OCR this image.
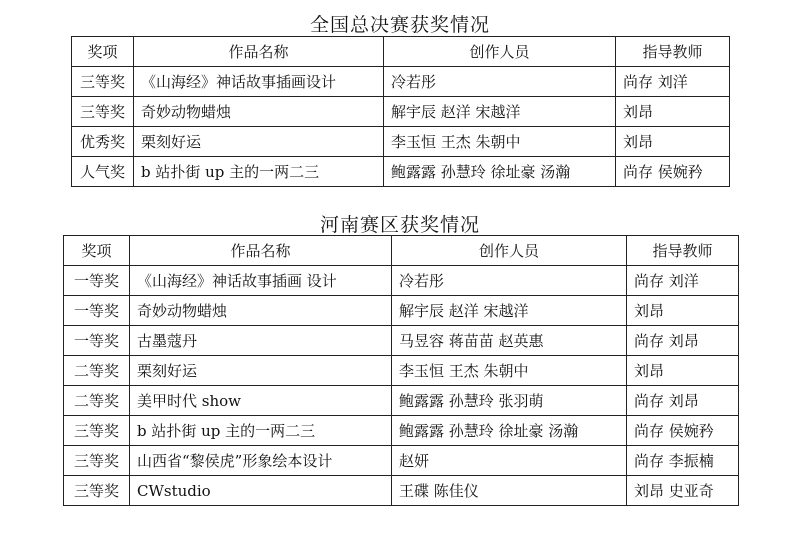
全国总决赛获奖情况
奖项	作品名称	创作人员	指导教师
三等奖	《山海经》神话故事插画设计	冷若彤	尚存 刘洋
三等奖	奇妙动物蜡烛	解宇辰 赵洋 宋越洋	刘昂
优秀奖	栗刻好运	李玉恒 王杰 朱朝中	刘昂
人气奖	b 站扑街 up 主的一两二三	鲍露露 孙慧玲 徐址豪 汤瀚	尚存 侯婉矜
河南赛区获奖情况
奖项	作品名称	创作人员	指导教师
一等奖	《山海经》神话故事插画 设计	冷若彤	尚存 刘洋
一等奖	奇妙动物蜡烛	解宇辰 赵洋 宋越洋	刘昂
一等奖	古墨蔻丹	马昱容 蒋苗苗 赵英惠	尚存 刘昂
二等奖	栗刻好运	李玉恒 王杰 朱朝中	刘昂
二等奖	美甲时代 show	鲍露露 孙慧玲 张羽萌	尚存 刘昂
三等奖	b 站扑街 up 主的一两二三	鲍露露 孙慧玲 徐址豪 汤瀚	尚存 侯婉矜
三等奖	山西省“黎侯虎”形象绘本设计	赵妍	尚存 李振楠
三等奖	CWstudio	王碟 陈佳仪	刘昂 史亚奇
